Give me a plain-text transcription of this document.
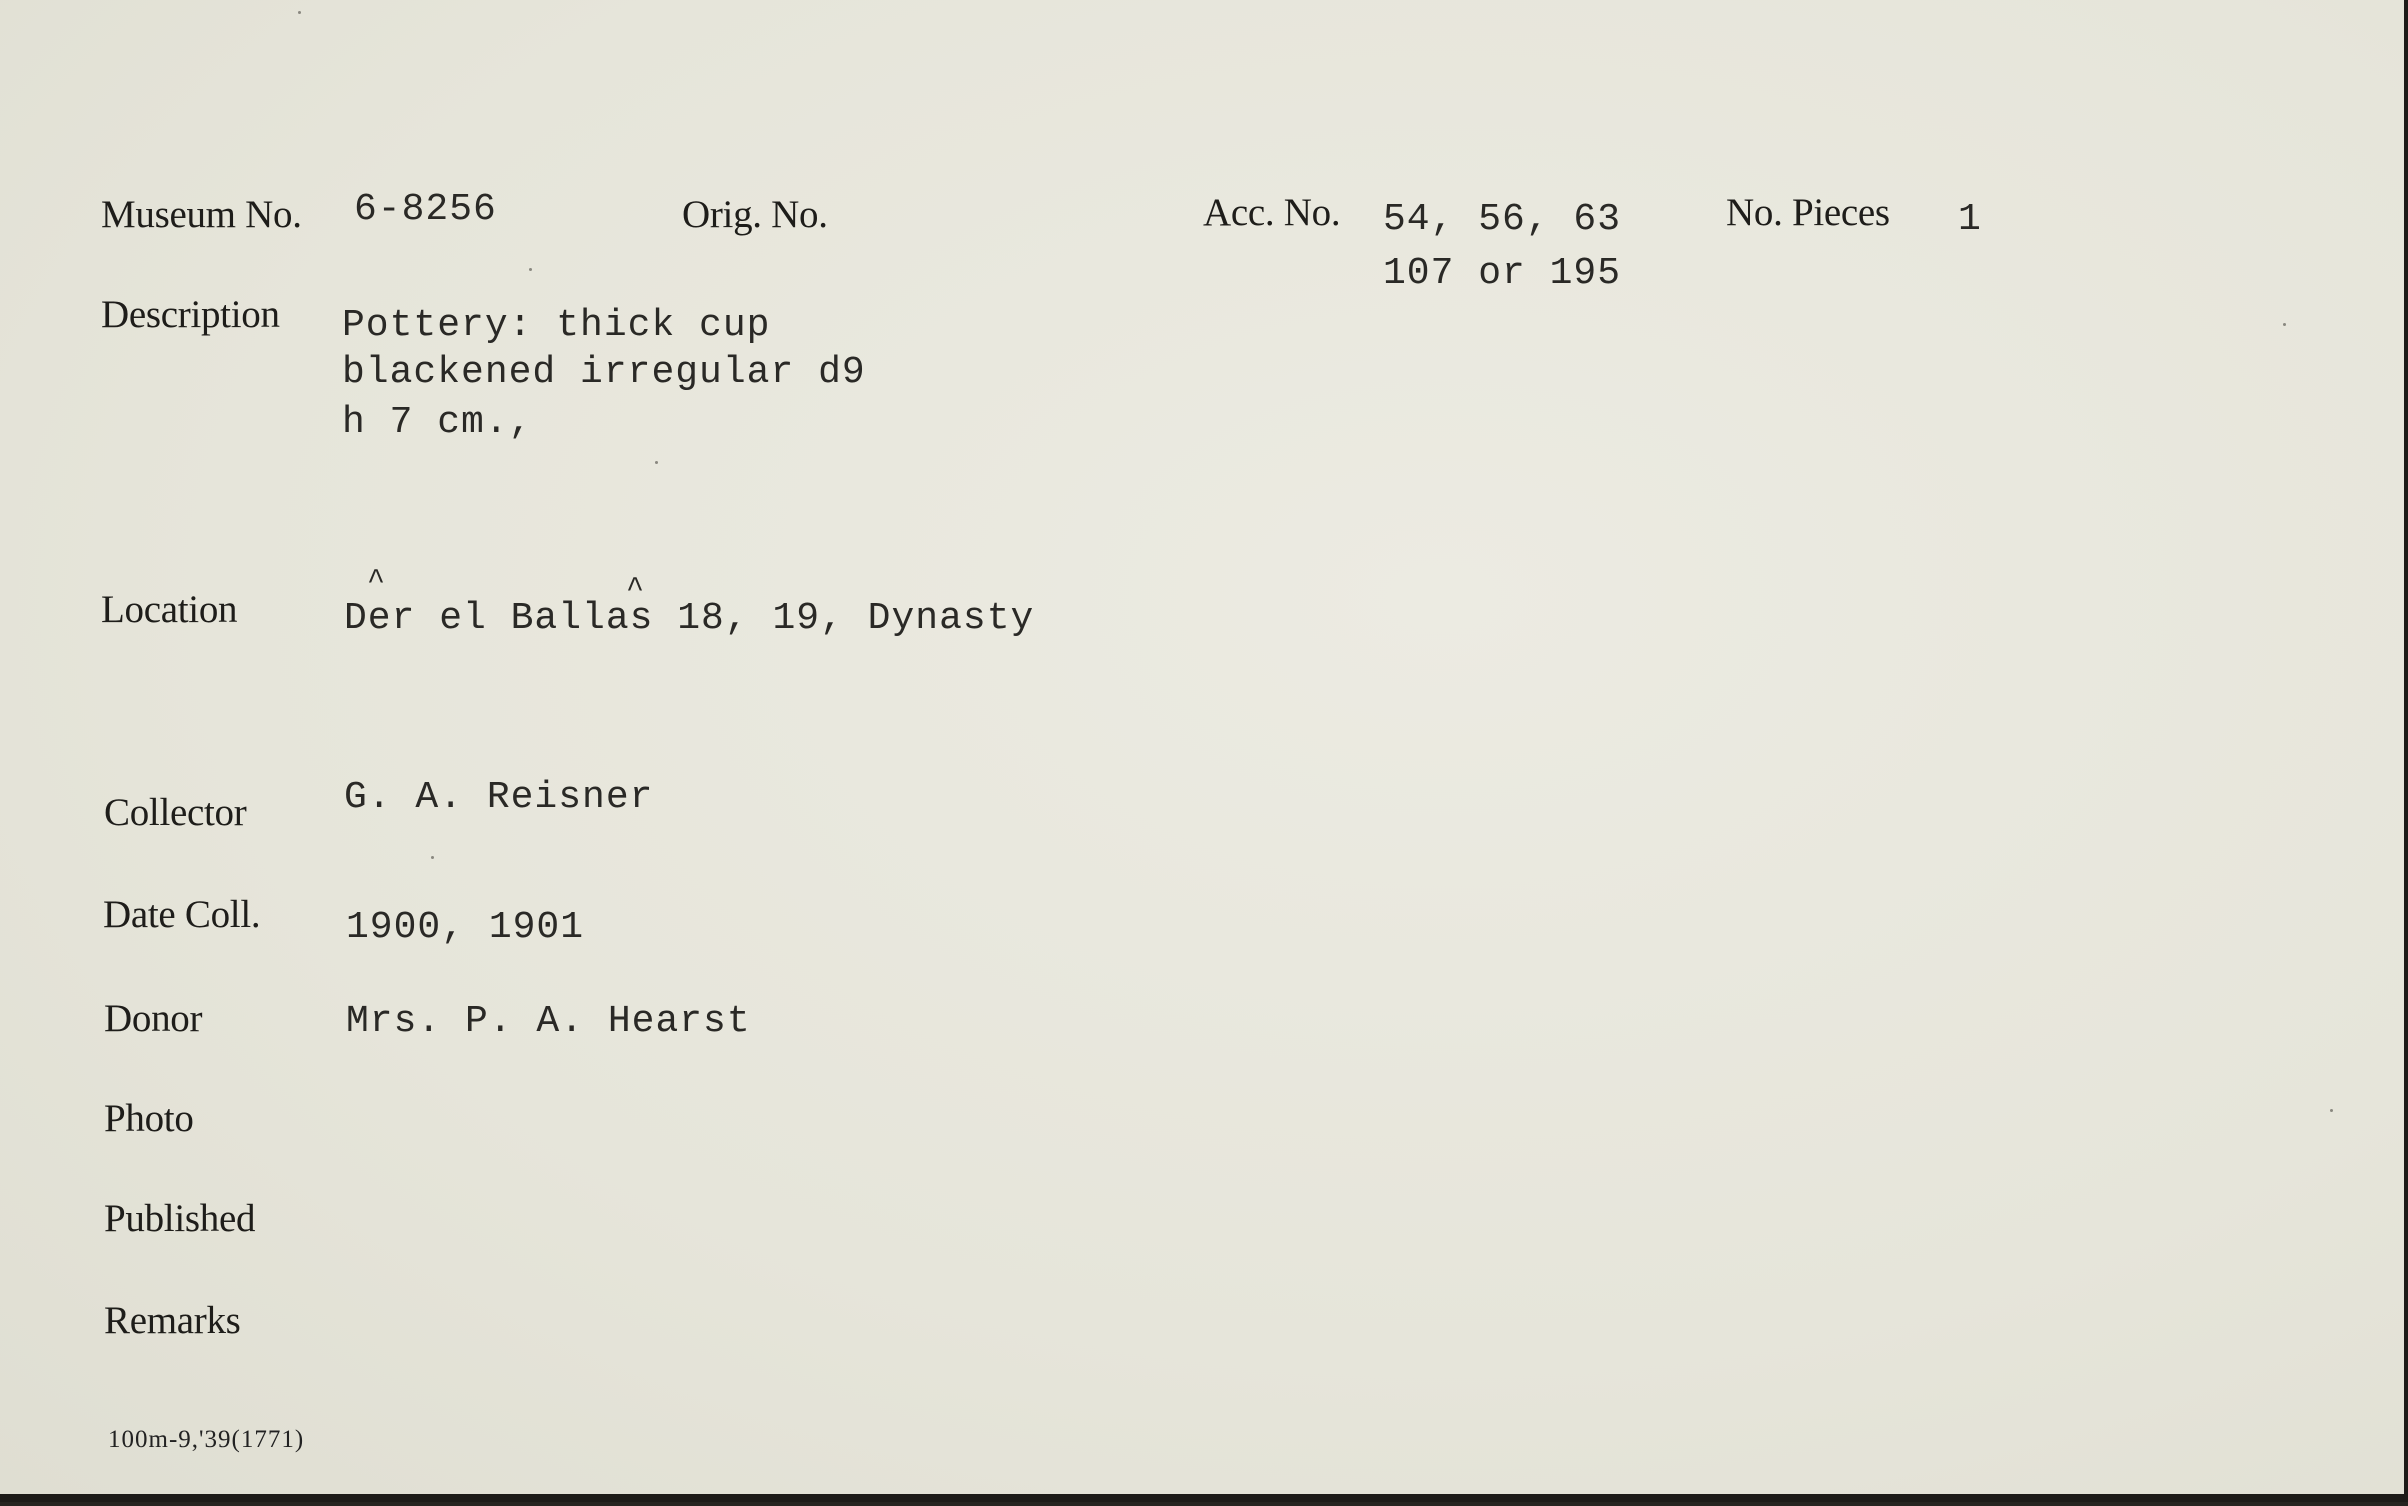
Museum No. 6-8256	Orig. No.	Acc. No. 54, 56, 63
107 or 195
No. Pieces 1
Description Pottery: thick cup
blackened irregular d9
h 7 cm.,
Location	Der el Ballas 18, 19, Dynasty
^	^
Collector	G. A. Reisner
Date Coll. 1900, 1901
Donor	Mrs. P. A. Hearst
Photo
Published
Remarks
100m-9,'39(1771)
